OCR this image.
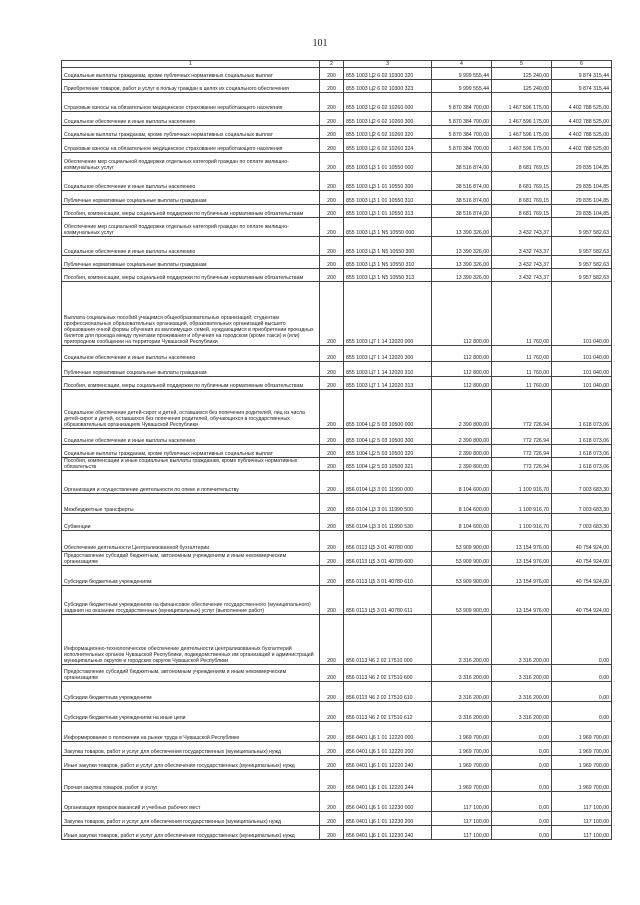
101
1	2	3	4	5	6
Социальные выплаты гражданам, кроме публичных нормативных социальных выплат	200	855 1003 Ц2 6 02 10300 320	9 999 555,44	125 240,00	9 874 315,44
Приобретение товаров, работ и услуг в пользу граждан в целях их социального обеспечения	200	855 1003 Ц2 6 02 10300 323	9 999 555,44	125 240,00	9 874 315,44
Страховые взносы на обязательное медицинское страхование неработающего населения	200	855 1003 Ц2 6 02 10260 000	5 870 384 700,00	1 467 596 175,00	4 402 788 525,00
Социальное обеспечение и иные выплаты населению	200	855 1003 Ц2 6 02 10260 300	5 870 384 700,00	1 467 596 175,00	4 402 788 525,00
Социальные выплаты гражданам, кроме публичных нормативных социальных выплат	200	855 1003 Ц2 6 02 10260 320	5 870 384 700,00	1 467 596 175,00	4 402 788 525,00
Страховые взносы на обязательное медицинское страхование неработающего населения	200	855 1003 Ц2 6 02 10260 324	5 870 384 700,00	1 467 596 175,00	4 402 788 525,00
Обеспечение мер социальной поддержки отдельных категорий граждан по оплате жилищно-коммунальных услуг	200	855 1003 Ц3 1 01 10550 000	38 516 874,00	8 681 769,15	29 835 104,85
Социальное обеспечение и иные выплаты населению	200	855 1003 Ц3 1 01 10550 300	38 516 874,00	8 681 769,15	29 835 104,85
Публичные нормативные социальные выплаты гражданам	200	855 1003 Ц3 1 01 10550 310	38 516 874,00	8 681 769,15	29 835 104,85
Пособия, компенсации, меры социальной поддержки по публичным нормативным обязательствам	200	855 1003 Ц3 1 01 10550 313	38 516 874,00	8 681 769,15	29 835 104,85
Обеспечение мер социальной поддержки отдельных категорий граждан по оплате жилищно-коммунальных услуг	200	855 1003 Ц3 1 N5 10550 000	13 390 326,00	3 432 743,37	9 957 582,63
Социальное обеспечение и иные выплаты населению	200	855 1003 Ц3 1 N5 10550 300	13 390 326,00	3 432 743,37	9 957 582,63
Публичные нормативные социальные выплаты гражданам	200	855 1003 Ц3 1 N5 10550 310	13 390 326,00	3 432 743,37	9 957 582,63
Пособия, компенсации, меры социальной поддержки по публичным нормативным обязательствам	200	855 1003 Ц3 1 N5 10550 313	13 390 326,00	3 432 743,37	9 957 582,63
Выплата социальных пособий учащимся общеобразовательных организаций, студентам профессиональных образовательных организаций, образовательных организаций высшего образования очной формы обучения из малоимущих семей, нуждающимся в приобретении проездных билетов для проезда между пунктами проживания и обучения на городском (кроме такси) и (или) пригородном сообщении на территории Чувашской Республики	200	855 1003 Ц7 1 14 12020 000	112 800,00	11 760,00	101 040,00
Социальное обеспечение и иные выплаты населению	200	855 1003 Ц7 1 14 12020 300	112 800,00	11 760,00	101 040,00
Публичные нормативные социальные выплаты гражданам	200	855 1003 Ц7 1 14 12020 310	112 800,00	11 760,00	101 040,00
Пособия, компенсации, меры социальной поддержки по публичным нормативным обязательствам	200	855 1003 Ц7 1 14 12020 313	112 800,00	11 760,00	101 040,00
Социальное обеспечение детей-сирот и детей, оставшихся без попечения родителей, лиц из числа детей-сирот и детей, оставшихся без попечения родителей, обучающихся в государственных образовательных организациях Чувашской Республики	200	855 1004 Ц2 5 03 10500 000	2 390 800,00	772 726,94	1 618 073,06
Социальное обеспечение и иные выплаты населению	200	855 1004 Ц2 5 03 10500 300	2 390 800,00	772 726,94	1 618 073,06
Социальные выплаты гражданам, кроме публичных нормативных социальных выплат	200	855 1004 Ц2 5 03 10500 320	2 390 800,00	772 726,94	1 618 073,06
Пособия, компенсации и иные социальные выплаты гражданам, кроме публичных нормативных обязательств	200	855 1004 Ц2 5 03 10500 321	2 390 800,00	772 726,94	1 618 073,06
Организация и осуществление деятельности по опеке и попечительству	200	856 0104 Ц3 3 01 11990 000	8 104 600,00	1 100 916,70	7 003 683,30
Межбюджетные трансферты	200	856 0104 Ц3 3 01 11990 500	8 104 600,00	1 100 916,70	7 003 683,30
Субвенции	200	856 0104 Ц3 3 01 11990 530	8 104 600,00	1 100 916,70	7 003 683,30
Обеспечение деятельности Централизованной бухгалтерии	200	856 0113 Ц5 3 01 40780 000	53 909 900,00	13 154 976,00	40 754 924,00
Предоставление субсидий бюджетным, автономным учреждениям и иным некоммерческим организациям	200	856 0113 Ц5 3 01 40780 600	53 909 900,00	13 154 976,00	40 754 924,00
Субсидии бюджетным учреждениям	200	856 0113 Ц5 3 01 40780 610	53 909 900,00	13 154 976,00	40 754 924,00
Субсидии бюджетным учреждениям на финансовое обеспечение государственного (муниципального) задания на оказание государственных (муниципальных) услуг (выполнение работ)	200	856 0113 Ц5 3 01 40780 611	53 909 900,00	13 154 976,00	40 754 924,00
Информационно-технологическое обеспечение деятельности централизованных бухгалтерий исполнительных органов Чувашской Республики, подведомственных им организаций и администраций муниципальных округов и городских округов Чувашской Республики	200	856 0113 Ч6 2 02 17510 000	3 316 200,00	3 316 200,00	0,00
Предоставление субсидий бюджетным, автономным учреждениям и иным некоммерческим организациям	200	856 0113 Ч6 2 02 17510 600	3 316 200,00	3 316 200,00	0,00
Субсидии бюджетным учреждениям	200	856 0113 Ч6 2 02 17510 610	3 316 200,00	3 316 200,00	0,00
Субсидии бюджетным учреждениям на иные цели	200	856 0113 Ч6 2 02 17510 612	3 316 200,00	3 316 200,00	0,00
Информирование о положении на рынке труда в Чувашской Республике	200	856 0401 Ц6 1 01 12220 000	1 969 700,00	0,00	1 969 700,00
Закупка товаров, работ и услуг для обеспечения государственных (муниципальных) нужд	200	856 0401 Ц6 1 01 12220 200	1 969 700,00	0,00	1 969 700,00
Иные закупки товаров, работ и услуг для обеспечения государственных (муниципальных) нужд	200	856 0401 Ц6 1 01 12220 240	1 969 700,00	0,00	1 969 700,00
Прочая закупка товаров, работ и услуг	200	856 0401 Ц6 1 01 12220 244	1 969 700,00	0,00	1 969 700,00
Организация ярмарок вакансий и учебных рабочих мест	200	856 0401 Ц6 1 01 12230 000	117 100,00	0,00	117 100,00
Закупка товаров, работ и услуг для обеспечения государственных (муниципальных) нужд	200	856 0401 Ц6 1 01 12230 200	117 100,00	0,00	117 100,00
Иные закупки товаров, работ и услуг для обеспечения государственных (муниципальных) нужд	200	856 0401 Ц6 1 01 12230 240	117 100,00	0,00	117 100,00
